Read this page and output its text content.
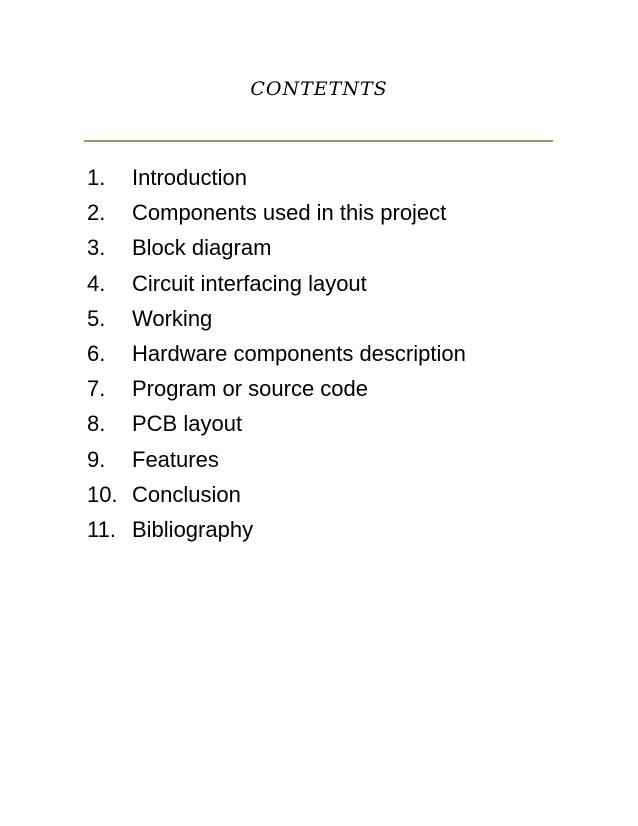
CONTETNTS
1. Introduction
2. Components used in this project
3. Block diagram
4. Circuit interfacing layout
5. Working
6. Hardware components description
7. Program or source code
8. PCB layout
9. Features
10. Conclusion
11. Bibliography
